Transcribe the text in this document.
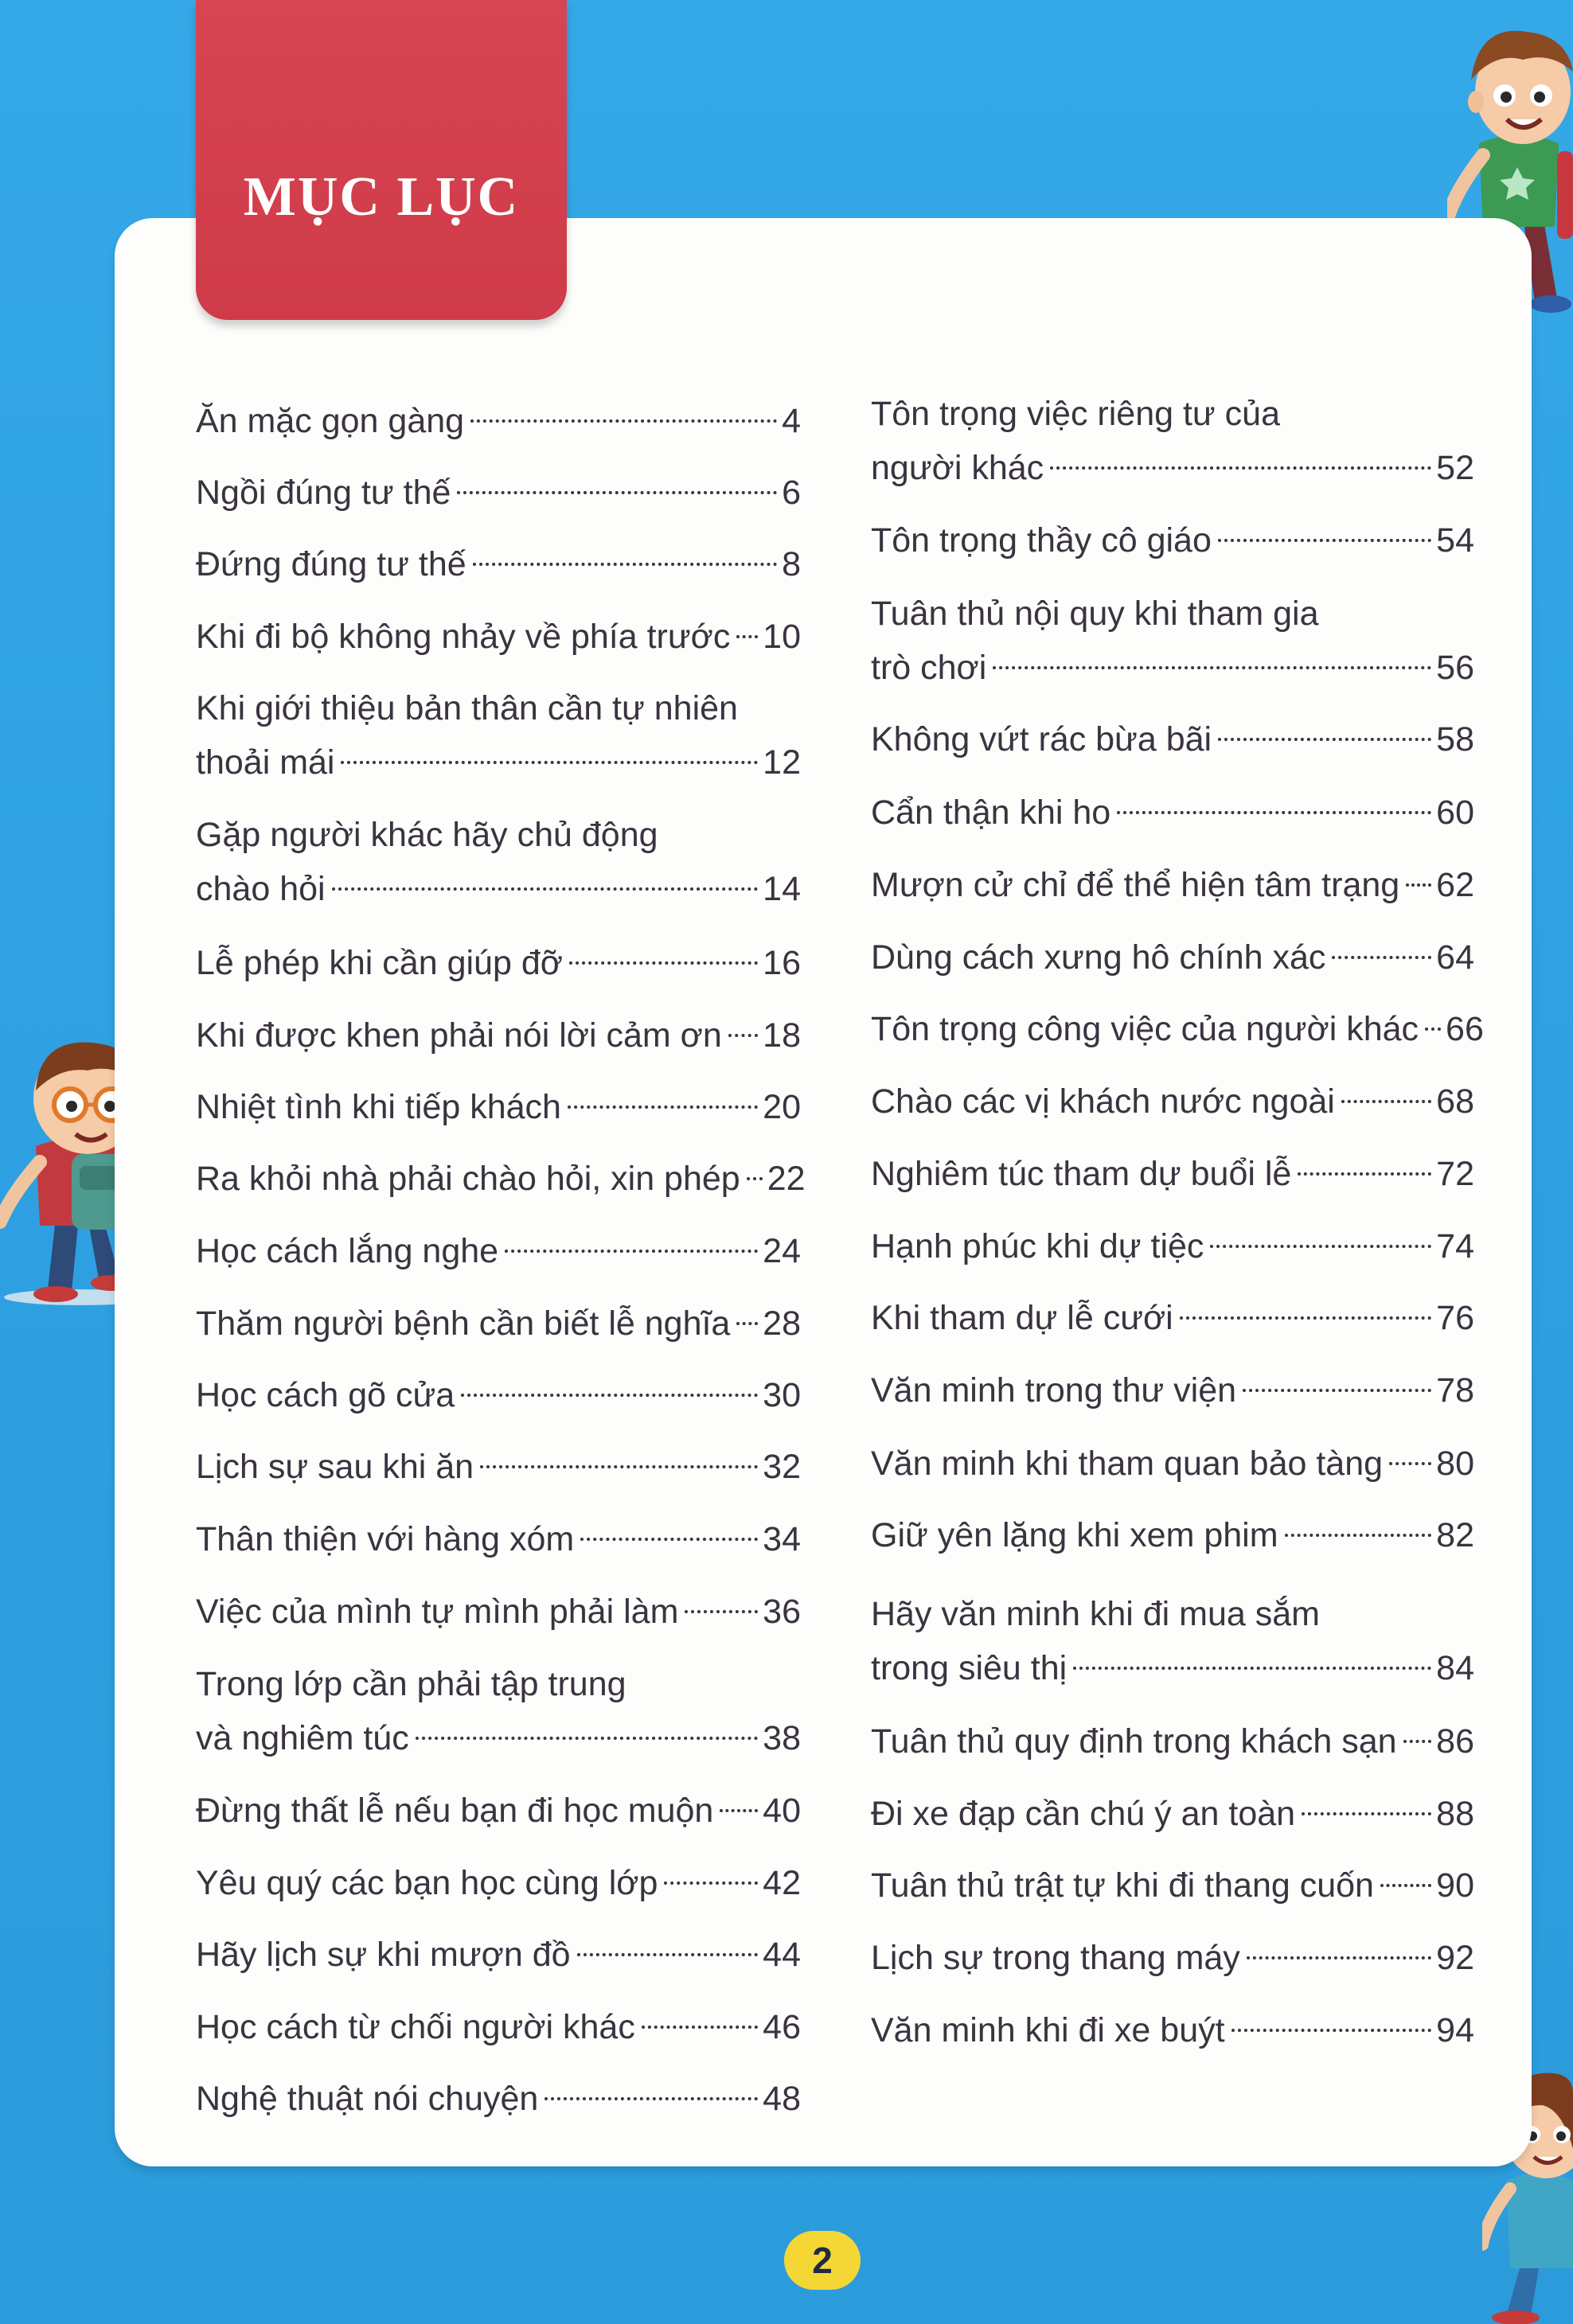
MỤC LỤC
Ăn mặc gọn gàng	4
Ngồi đúng tư thế	6
Đứng đúng tư thế	8
Khi đi bộ không nhảy về phía trước 10
Khi giới thiệu bản thân cần tự nhiên
thoải mái	12
Gặp người khác hãy chủ động
chào hỏi	14
Lễ phép khi cần giúp đỡ	16
Khi được khen phải nói lời cảm ơn 18
Nhiệt tình khi tiếp khách	20
Ra khỏi nhà phải chào hỏi, xin phép 22
Học cách lắng nghe	24
Thăm người bệnh cần biết lễ nghĩa 28
Học cách gõ cửa	30
Lịch sự sau khi ăn	32
Thân thiện với hàng xóm	34
Việc của mình tự mình phải làm 36
Trong lớp cần phải tập trung
và nghiêm túc	38
Đừng thất lễ nếu bạn đi học muộn 40
Yêu quý các bạn học cùng lớp	42
Hãy lịch sự khi mượn đồ	44
Học cách từ chối người khác	46
Nghệ thuật nói chuyện	48
Tôn trọng việc riêng tư của
người khác	52
Tôn trọng thầy cô giáo	54
Tuân thủ nội quy khi tham gia
trò chơi	56
Không vứt rác bừa bãi	58
Cẩn thận khi ho	60
Mượn cử chỉ để thể hiện tâm trạng 62
Dùng cách xưng hô chính xác	64
Tôn trọng công việc của người khác 66
Chào các vị khách nước ngoài	68
Nghiêm túc tham dự buổi lễ	72
Hạnh phúc khi dự tiệc	74
Khi tham dự lễ cưới	76
Văn minh trong thư viện	78
Văn minh khi tham quan bảo tàng 80
Giữ yên lặng khi xem phim	82
Hãy văn minh khi đi mua sắm
trong siêu thị	84
Tuân thủ quy định trong khách sạn 86
Đi xe đạp cần chú ý an toàn	88
Tuân thủ trật tự khi đi thang cuốn 90
Lịch sự trong thang máy	92
Văn minh khi đi xe buýt	94
2
